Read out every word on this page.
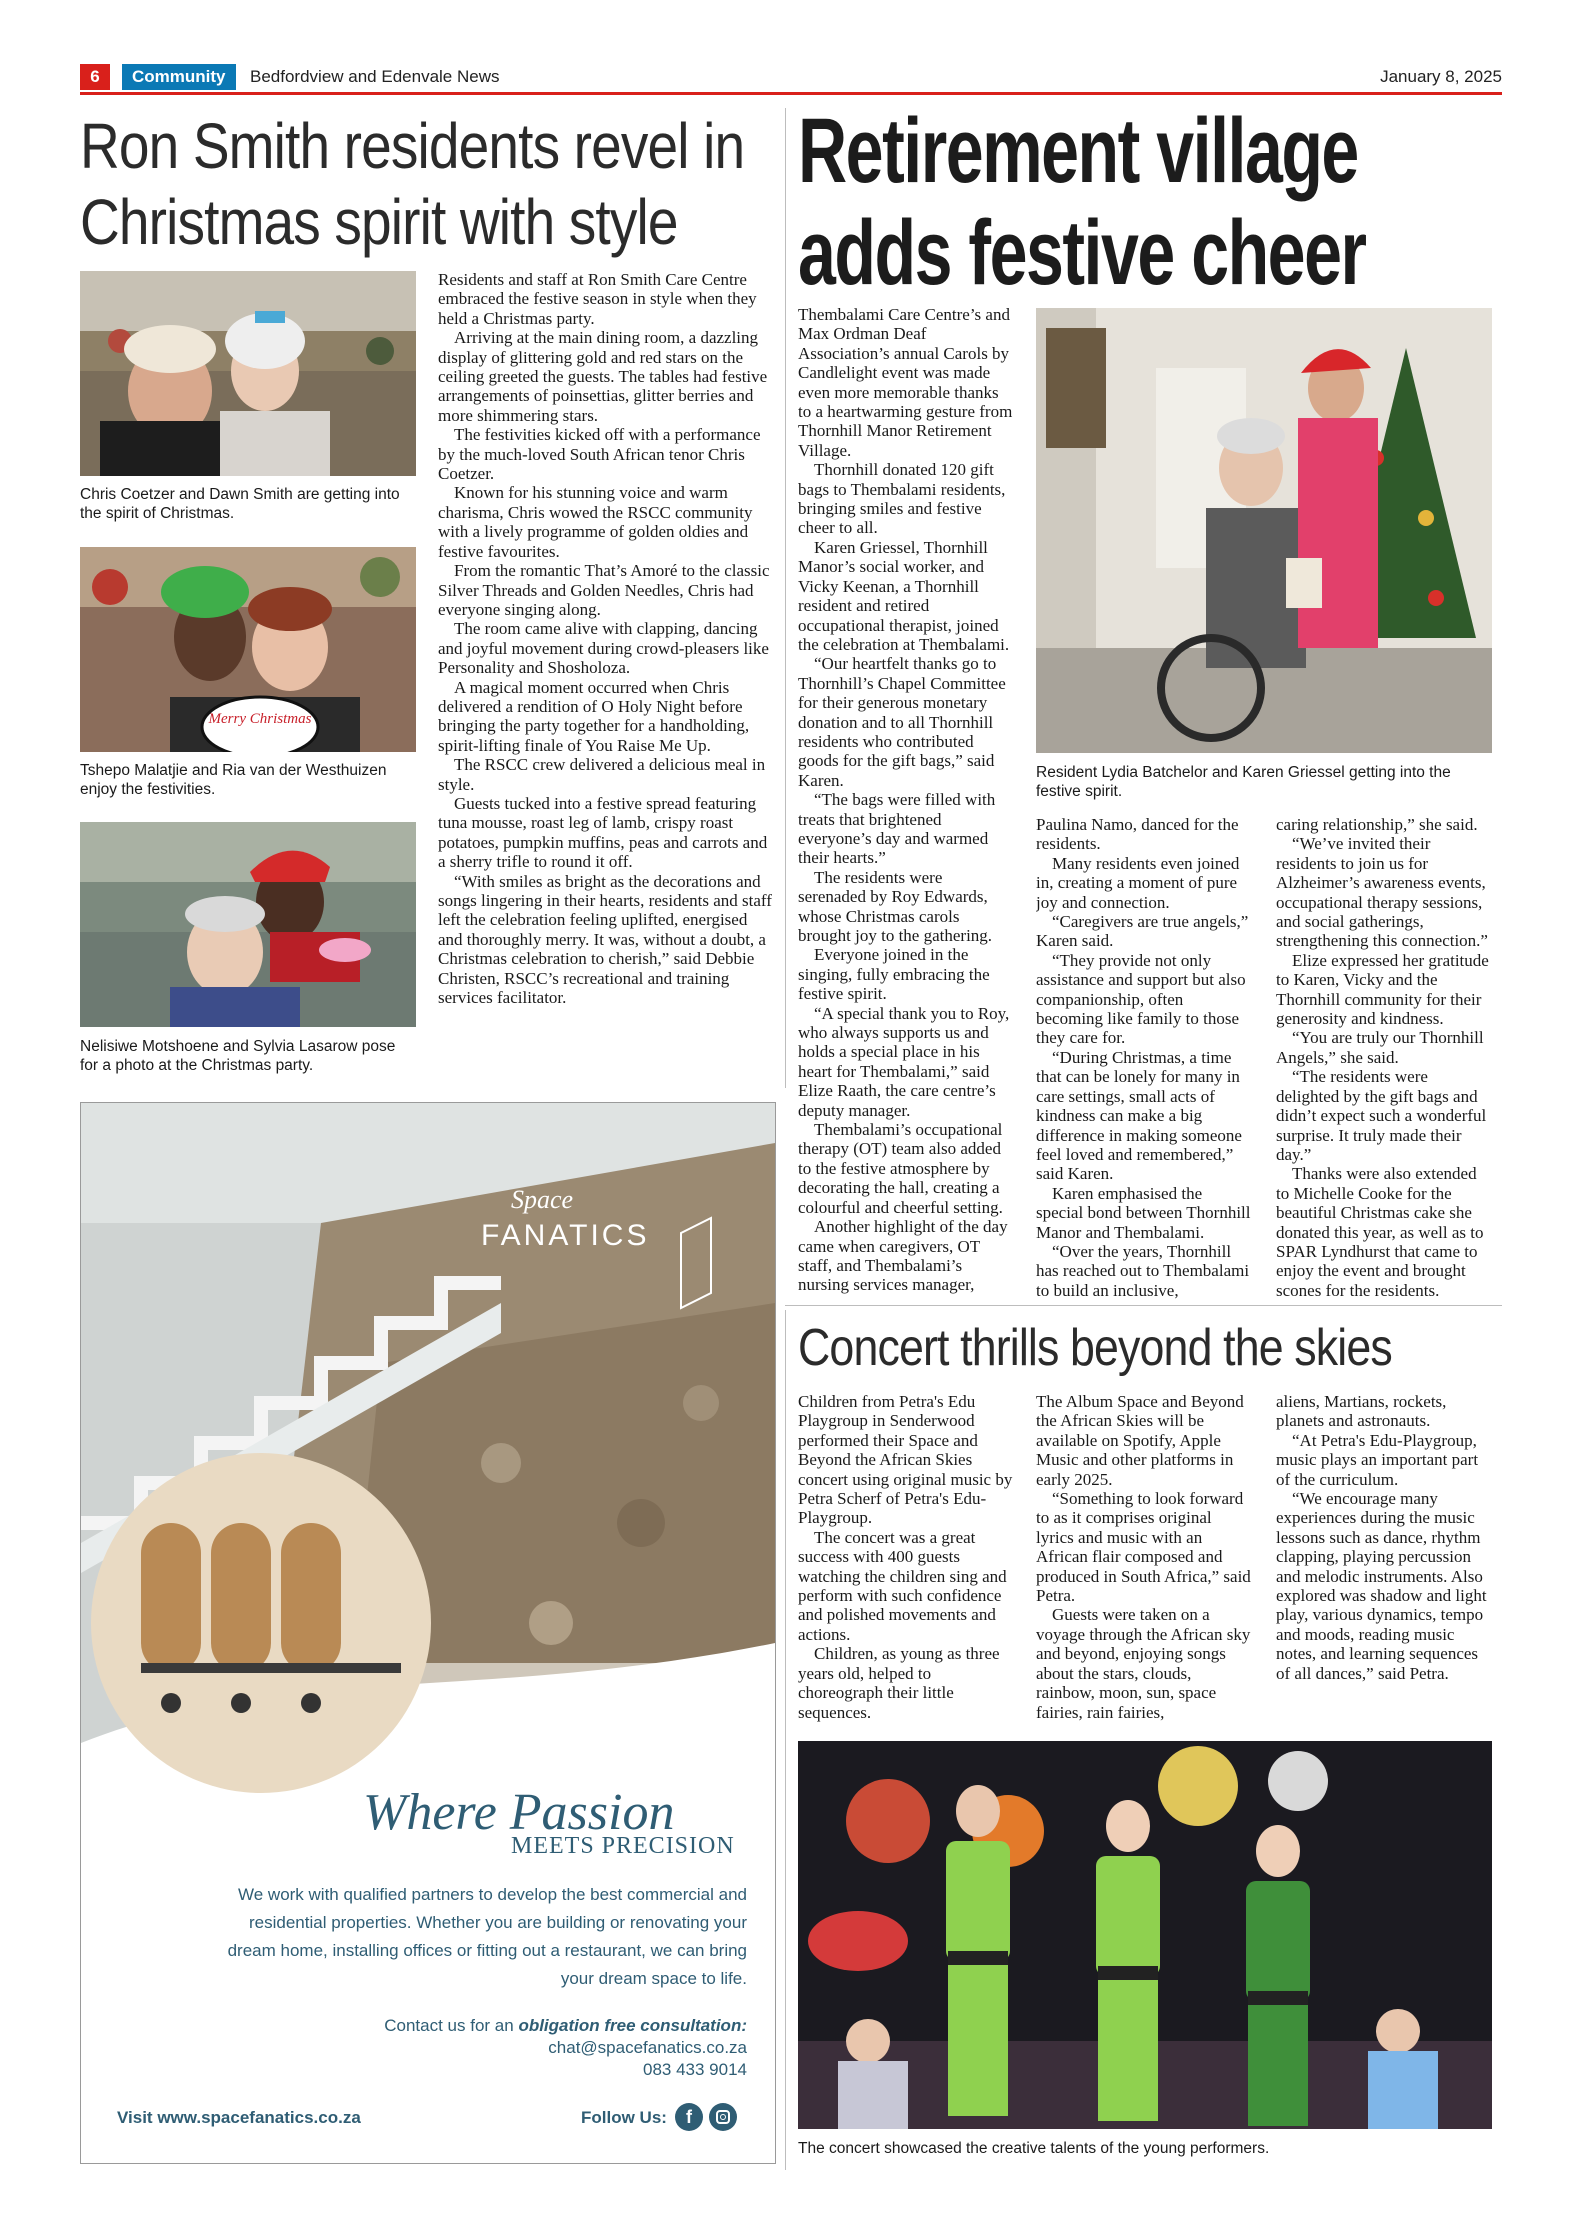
6	Community	Bedfordview and Edenvale News	January 8, 2025
Ron Smith residents revel in
Christmas spirit with style
Chris Coetzer and Dawn Smith are getting into the spirit of Christmas.
Merry Christmas
Tshepo Malatjie and Ria van der Westhuizen enjoy the festivities.
Nelisiwe Motshoene and Sylvia Lasarow pose for a photo at the Christmas party.

Residents and staff at Ron Smith Care Centre embraced the festive season in style when they held a Christmas party.

Arriving at the main dining room, a dazzling display of glittering gold and red stars on the ceiling greeted the guests. The tables had festive arrangements of poinsettias, glitter berries and more shimmering stars.

The festivities kicked off with a performance by the much-loved South African tenor Chris Coetzer.

Known for his stunning voice and warm charisma, Chris wowed the RSCC community with a lively programme of golden oldies and festive favourites.

From the romantic That’s Amoré to the classic Silver Threads and Golden Needles, Chris had everyone singing along.

The room came alive with clapping, dancing and joyful movement during crowd-pleasers like Personality and Shosholoza.

A magical moment occurred when Chris delivered a rendition of O Holy Night before bringing the party together for a handholding, spirit-lifting finale of You Raise Me Up.

The RSCC crew delivered a delicious meal in style.

Guests tucked into a festive spread featuring tuna mousse, roast leg of lamb, crispy roast potatoes, pumpkin muffins, peas and carrots and a sherry trifle to round it off.

“With smiles as bright as the decorations and songs lingering in their hearts, residents and staff left the celebration feeling uplifted, energised and thoroughly merry. It was, without a doubt, a Christmas celebration to cherish,” said Debbie Christen, RSCC’s recreational and training services facilitator.

Retirement village
adds festive cheer

Thembalami Care Centre’s and Max Ordman Deaf Association’s annual Carols by Candlelight event was made even more memorable thanks to a heartwarming gesture from Thornhill Manor Retirement Village.

Thornhill donated 120 gift bags to Thembalami residents, bringing smiles and festive cheer to all.

Karen Griessel, Thornhill Manor’s social worker, and Vicky Keenan, a Thornhill resident and retired occupational therapist, joined the celebration at Thembalami.

“Our heartfelt thanks go to Thornhill’s Chapel Committee for their generous monetary donation and to all Thornhill residents who contributed goods for the gift bags,” said Karen.

“The bags were filled with treats that brightened everyone’s day and warmed their hearts.”

The residents were serenaded by Roy Edwards, whose Christmas carols brought joy to the gathering.

Everyone joined in the singing, fully embracing the festive spirit.

“A special thank you to Roy, who always supports us and holds a special place in his heart for Thembalami,” said Elize Raath, the care centre’s deputy manager.

Thembalami’s occupational therapy (OT) team also added to the festive atmosphere by decorating the hall, creating a colourful and cheerful setting.

Another highlight of the day came when caregivers, OT staff, and Thembalami’s nursing services manager,

Resident Lydia Batchelor and Karen Griessel getting into the festive spirit.

Paulina Namo, danced for the residents.

Many residents even joined in, creating a moment of pure joy and connection.

“Caregivers are true angels,” Karen said.

“They provide not only assistance and support but also companionship, often becoming like family to those they care for.

“During Christmas, a time that can be lonely for many in care settings, small acts of kindness can make a big difference in making someone feel loved and remembered,” said Karen.

Karen emphasised the special bond between Thornhill Manor and Thembalami.

“Over the years, Thornhill has reached out to Thembalami to build an inclusive,

caring relationship,” she said.

“We’ve invited their residents to join us for Alzheimer’s awareness events, occupational therapy sessions, and social gatherings, strengthening this connection.”

Elize expressed her gratitude to Karen, Vicky and the Thornhill community for their generosity and kindness.

“You are truly our Thornhill Angels,” she said.

“The residents were delighted by the gift bags and didn’t expect such a wonderful surprise. It truly made their day.”

Thanks were also extended to Michelle Cooke for the beautiful Christmas cake she donated this year, as well as to SPAR Lyndhurst that came to enjoy the event and brought scones for the residents.

Concert thrills beyond the skies

Children from Petra's Edu Playgroup in Senderwood performed their Space and Beyond the African Skies concert using original music by Petra Scherf of Petra's Edu-Playgroup.

The concert was a great success with 400 guests watching the children sing and perform with such confidence and polished movements and actions.

Children, as young as three years old, helped to choreograph their little sequences.

The Album Space and Beyond the African Skies will be available on Spotify, Apple Music and other platforms in early 2025.

“Something to look forward to as it comprises original lyrics and music with an African flair composed and produced in South Africa,” said Petra.

Guests were taken on a voyage through the African sky and beyond, enjoying songs about the stars, clouds, rainbow, moon, sun, space fairies, rain fairies,

aliens, Martians, rockets, planets and astronauts.

“At Petra's Edu-Playgroup, music plays an important part of the curriculum.

“We encourage many experiences during the music lessons such as dance, rhythm clapping, playing percussion and melodic instruments. Also explored was shadow and light play, various dynamics, tempo and moods, reading music notes, and learning sequences of all dances,” said Petra.

The concert showcased the creative talents of the young performers.
Space
FANATICS
Where Passion
MEETS PRECISION
We work with qualified partners to develop the best commercial and
residential properties. Whether you are building or renovating your
dream home, installing offices or fitting out a restaurant, we can bring
your dream space to life.
Contact us for an obligation free consultation:
chat@spacefanatics.co.za
083 433 9014
Visit www.spacefanatics.co.za	Follow Us:	f
